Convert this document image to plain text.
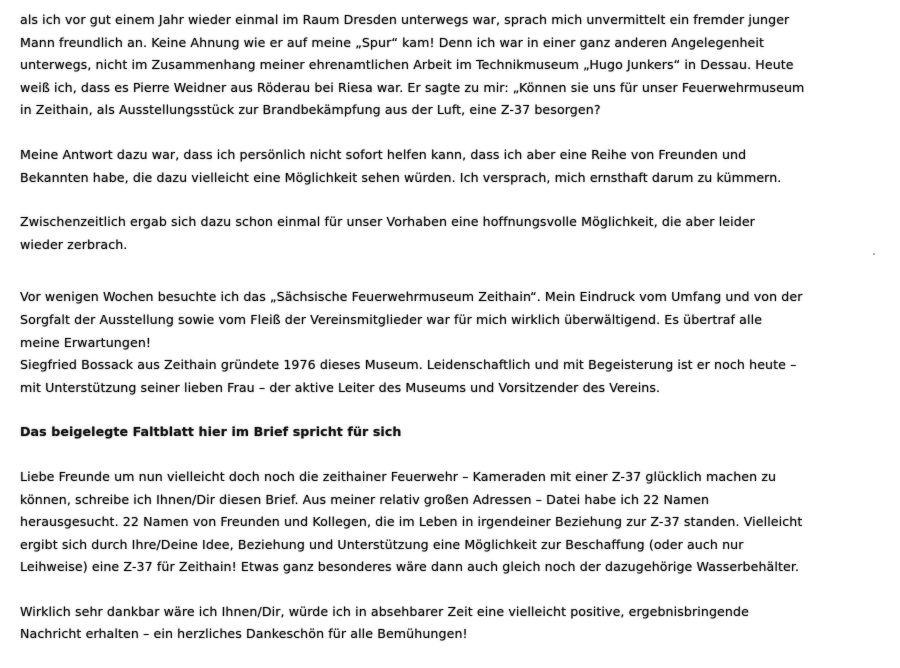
als ich vor gut einem Jahr wieder einmal im Raum Dresden unterwegs war, sprach mich unvermittelt ein fremder junger
Mann freundlich an. Keine Ahnung wie er auf meine „Spur“ kam! Denn ich war in einer ganz anderen Angelegenheit
unterwegs, nicht im Zusammenhang meiner ehrenamtlichen Arbeit im Technikmuseum „Hugo Junkers“ in Dessau. Heute
weiß ich, dass es Pierre Weidner aus Röderau bei Riesa war. Er sagte zu mir: „Können sie uns für unser Feuerwehrmuseum
in Zeithain, als Ausstellungsstück zur Brandbekämpfung aus der Luft, eine Z-37 besorgen?
Meine Antwort dazu war, dass ich persönlich nicht sofort helfen kann, dass ich aber eine Reihe von Freunden und
Bekannten habe, die dazu vielleicht eine Möglichkeit sehen würden. Ich versprach, mich ernsthaft darum zu kümmern.
Zwischenzeitlich ergab sich dazu schon einmal für unser Vorhaben eine hoffnungsvolle Möglichkeit, die aber leider
wieder zerbrach.
Vor wenigen Wochen besuchte ich das „Sächsische Feuerwehrmuseum Zeithain“. Mein Eindruck vom Umfang und von der
Sorgfalt der Ausstellung sowie vom Fleiß der Vereinsmitglieder war für mich wirklich überwältigend. Es übertraf alle
meine Erwartungen!
Siegfried Bossack aus Zeithain gründete 1976 dieses Museum. Leidenschaftlich und mit Begeisterung ist er noch heute –
mit Unterstützung seiner lieben Frau – der aktive Leiter des Museums und Vorsitzender des Vereins.
Das beigelegte Faltblatt hier im Brief spricht für sich
Liebe Freunde um nun vielleicht doch noch die zeithainer Feuerwehr – Kameraden mit einer Z-37 glücklich machen zu
können, schreibe ich Ihnen/Dir diesen Brief. Aus meiner relativ großen Adressen – Datei habe ich 22 Namen
herausgesucht. 22 Namen von Freunden und Kollegen, die im Leben in irgendeiner Beziehung zur Z-37 standen. Vielleicht
ergibt sich durch Ihre/Deine Idee, Beziehung und Unterstützung eine Möglichkeit zur Beschaffung (oder auch nur
Leihweise) eine Z-37 für Zeithain! Etwas ganz besonderes wäre dann auch gleich noch der dazugehörige Wasserbehälter.
Wirklich sehr dankbar wäre ich Ihnen/Dir, würde ich in absehbarer Zeit eine vielleicht positive, ergebnisbringende
Nachricht erhalten – ein herzliches Dankeschön für alle Bemühungen!
